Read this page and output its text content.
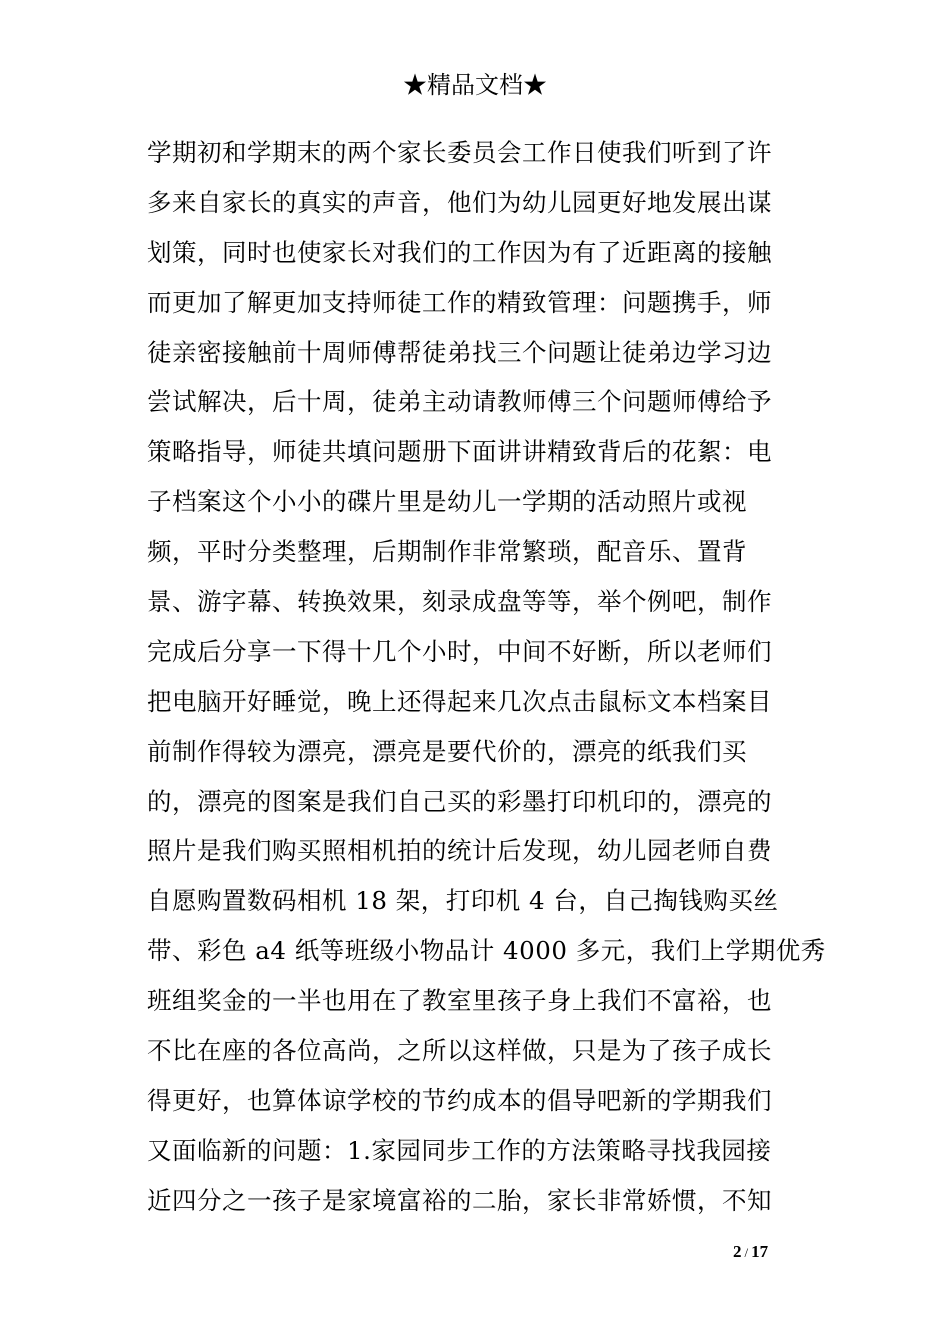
★精品文档★
学期初和学期末的两个家长委员会工作日使我们听到了许
多来自家长的真实的声音，他们为幼儿园更好地发展出谋
划策，同时也使家长对我们的工作因为有了近距离的接触
而更加了解更加支持师徒工作的精致管理：问题携手，师
徒亲密接触前十周师傅帮徒弟找三个问题让徒弟边学习边
尝试解决，后十周，徒弟主动请教师傅三个问题师傅给予
策略指导，师徒共填问题册下面讲讲精致背后的花絮：电
子档案这个小小的碟片里是幼儿一学期的活动照片或视
频，平时分类整理，后期制作非常繁琐，配音乐、置背
景、游字幕、转换效果，刻录成盘等等，举个例吧，制作
完成后分享一下得十几个小时，中间不好断，所以老师们
把电脑开好睡觉，晚上还得起来几次点击鼠标文本档案目
前制作得较为漂亮，漂亮是要代价的，漂亮的纸我们买
的，漂亮的图案是我们自己买的彩墨打印机印的，漂亮的
照片是我们购买照相机拍的统计后发现，幼儿园老师自费
自愿购置数码相机 18 架，打印机 4 台，自己掏钱购买丝
带、彩色 a4 纸等班级小物品计 4000 多元，我们上学期优秀
班组奖金的一半也用在了教室里孩子身上我们不富裕，也
不比在座的各位高尚，之所以这样做，只是为了孩子成长
得更好，也算体谅学校的节约成本的倡导吧新的学期我们
又面临新的问题：1.家园同步工作的方法策略寻找我园接
近四分之一孩子是家境富裕的二胎，家长非常娇惯，不知
2 / 17
